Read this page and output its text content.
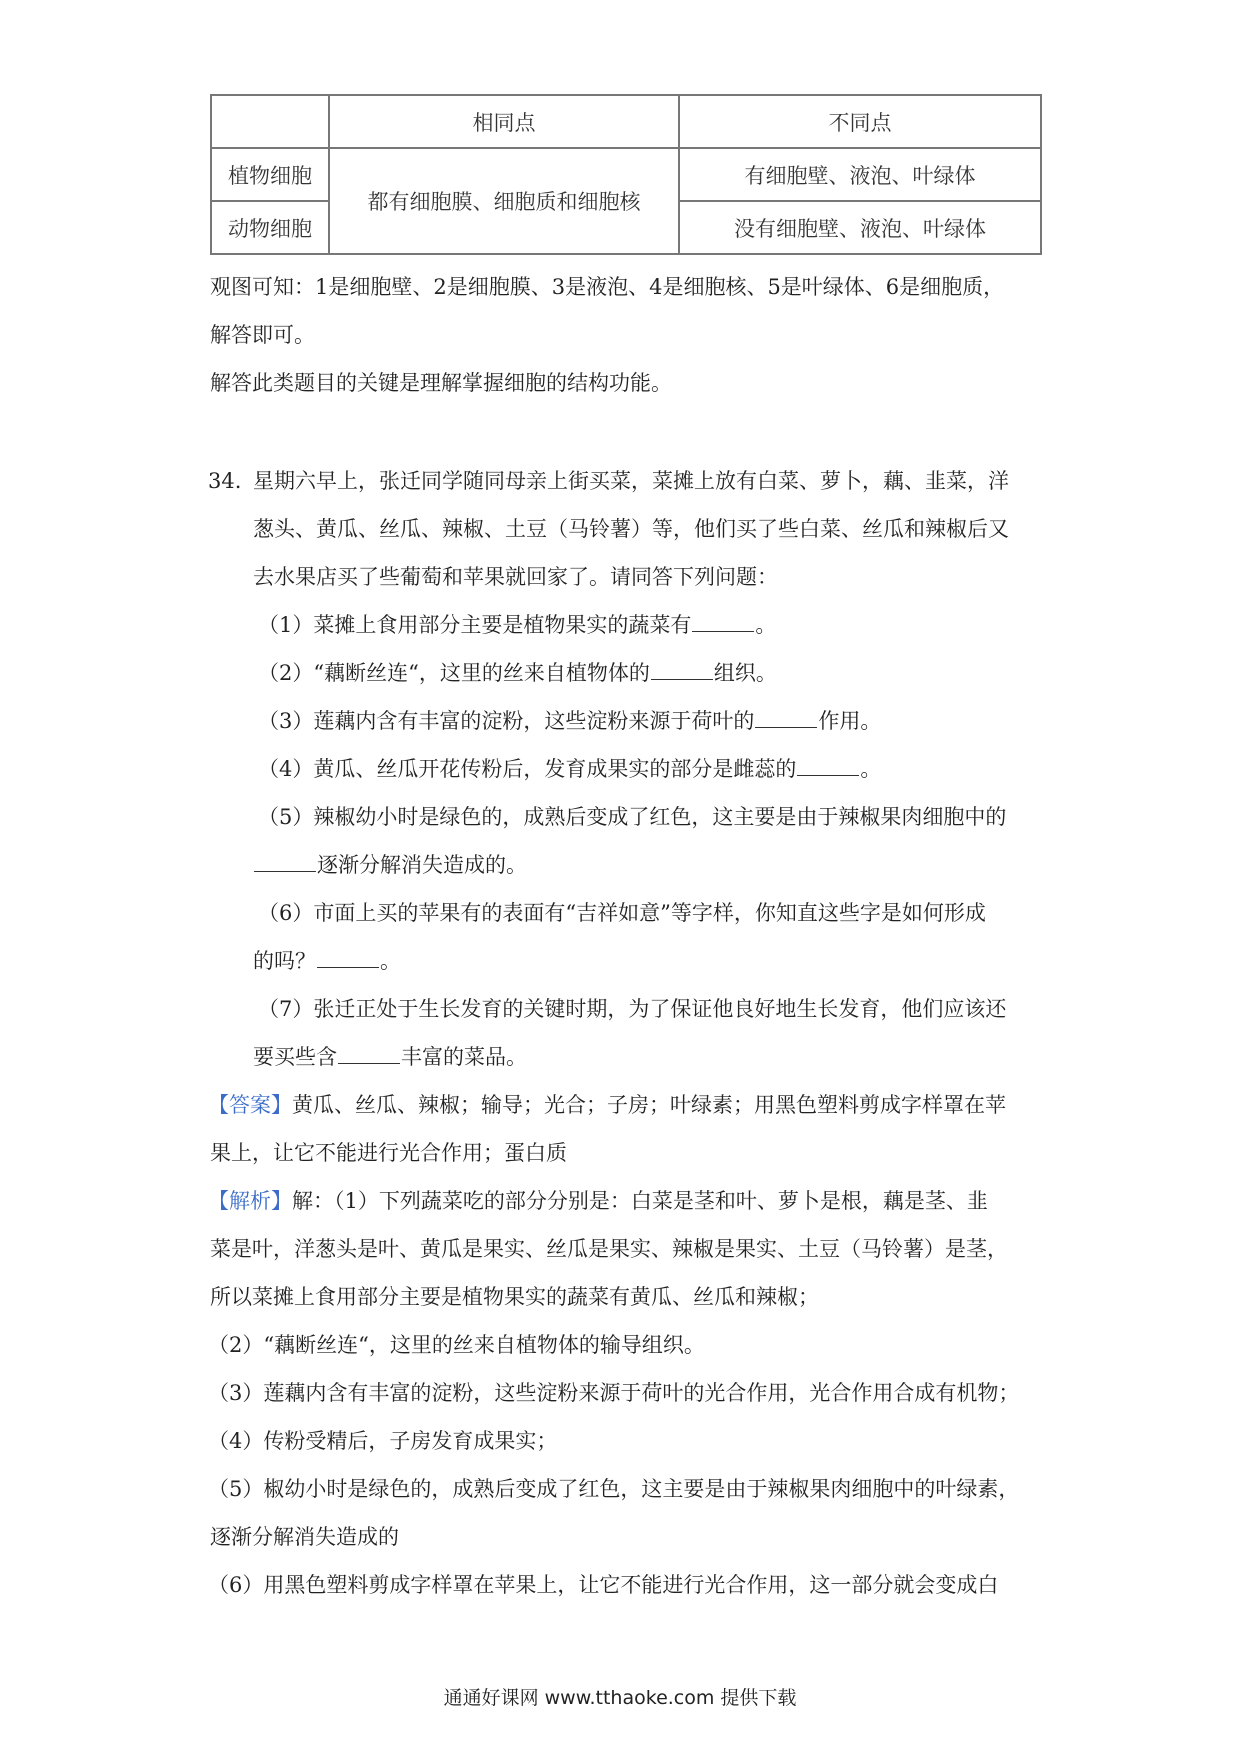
	相同点	不同点
植物细胞	都有细胞膜、细胞质和细胞核	有细胞壁、液泡、叶绿体
动物细胞		没有细胞壁、液泡、叶绿体
观图可知：1是细胞壁、2是细胞膜、3是液泡、4是细胞核、5是叶绿体、6是细胞质，
解答即可。
解答此类题目的关键是理解掌握细胞的结构功能。
34. 星期六早上，张迁同学随同母亲上街买菜，菜摊上放有白菜、萝卜，藕、韭菜，洋
葱头、黄瓜、丝瓜、辣椒、土豆（马铃薯）等，他们买了些白菜、丝瓜和辣椒后又
去水果店买了些葡萄和苹果就回家了。请同答下列问题：
（1）菜摊上食用部分主要是植物果实的蔬菜有	。
（2）“藕断丝连“，这里的丝来自植物体的	组织。
（3）莲藕内含有丰富的淀粉，这些淀粉来源于荷叶的	作用。
（4）黄瓜、丝瓜开花传粉后，发育成果实的部分是雌蕊的	。
（5）辣椒幼小时是绿色的，成熟后变成了红色，这主要是由于辣椒果肉细胞中的
逐渐分解消失造成的。
（6）市面上买的苹果有的表面有“吉祥如意”等字样，你知直这些字是如何形成
的吗？	。
（7）张迁正处于生长发育的关键时期，为了保证他良好地生长发育，他们应该还
要买些含	丰富的菜品。
【答案】黄瓜、丝瓜、辣椒；输导；光合；子房；叶绿素；用黑色塑料剪成字样罩在苹
果上，让它不能进行光合作用；蛋白质
【解析】解：（1）下列蔬菜吃的部分分别是：白菜是茎和叶、萝卜是根，藕是茎、韭
菜是叶，洋葱头是叶、黄瓜是果实、丝瓜是果实、辣椒是果实、土豆（马铃薯）是茎，
所以菜摊上食用部分主要是植物果实的蔬菜有黄瓜、丝瓜和辣椒；
（2）“藕断丝连“，这里的丝来自植物体的输导组织。
（3）莲藕内含有丰富的淀粉，这些淀粉来源于荷叶的光合作用，光合作用合成有机物；
（4）传粉受精后，子房发育成果实；
（5）椒幼小时是绿色的，成熟后变成了红色，这主要是由于辣椒果肉细胞中的叶绿素，
逐渐分解消失造成的
（6）用黑色塑料剪成字样罩在苹果上，让它不能进行光合作用，这一部分就会变成白
通通好课网 www.tthaoke.com 提供下载
